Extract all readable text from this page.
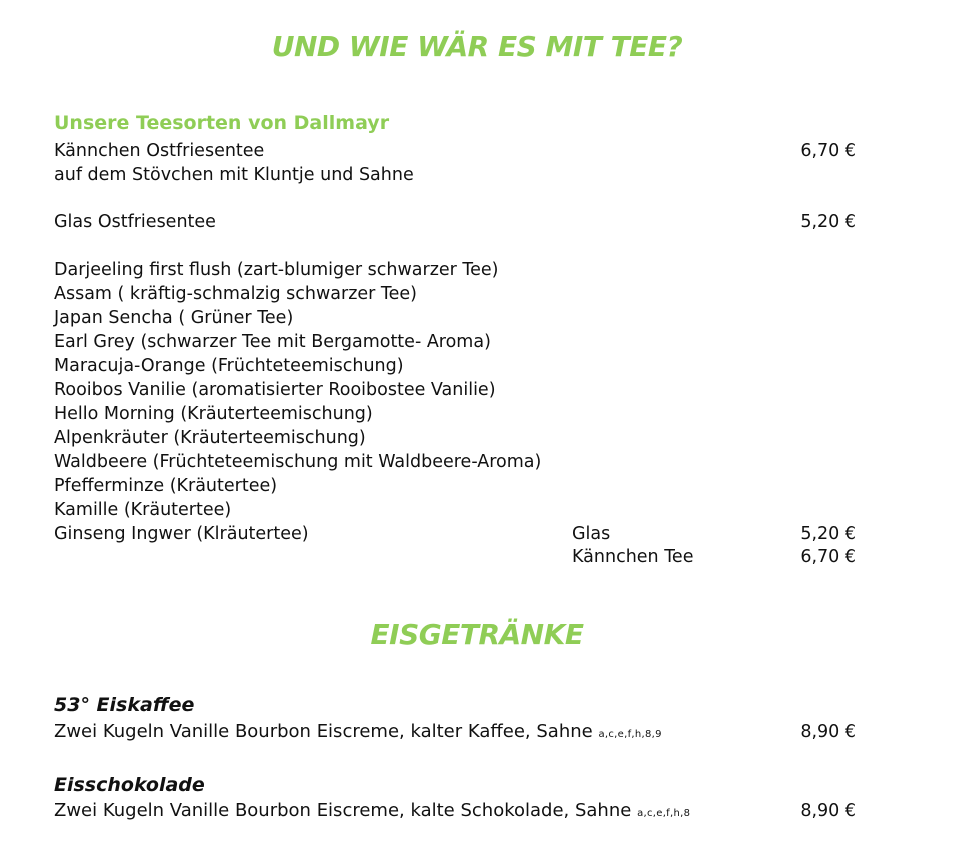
UND WIE WÄR ES MIT TEE?
Unsere Teesorten von Dallmayr
Kännchen Ostfriesentee	6,70 €
auf dem Stövchen mit Kluntje und Sahne
Glas Ostfriesentee	5,20 €
Darjeeling first flush (zart-blumiger schwarzer Tee)
Assam ( kräftig-schmalzig schwarzer Tee)
Japan Sencha ( Grüner Tee)
Earl Grey (schwarzer Tee mit Bergamotte- Aroma)
Maracuja-Orange (Früchteteemischung)
Rooibos Vanilie (aromatisierter Rooibostee Vanilie)
Hello Morning (Kräuterteemischung)
Alpenkräuter (Kräuterteemischung)
Waldbeere (Früchteteemischung mit Waldbeere-Aroma)
Pfefferminze (Kräutertee)
Kamille (Kräutertee)
Ginseng Ingwer (Klräutertee)	Glas	5,20 €
Kännchen Tee	6,70 €
EISGETRÄNKE
53° Eiskaffee
Zwei Kugeln Vanille Bourbon Eiscreme, kalter Kaffee, Sahne a,c,e,f,h,8,9	8,90 €
Eisschokolade
Zwei Kugeln Vanille Bourbon Eiscreme, kalte Schokolade, Sahne a,c,e,f,h,8	8,90 €
